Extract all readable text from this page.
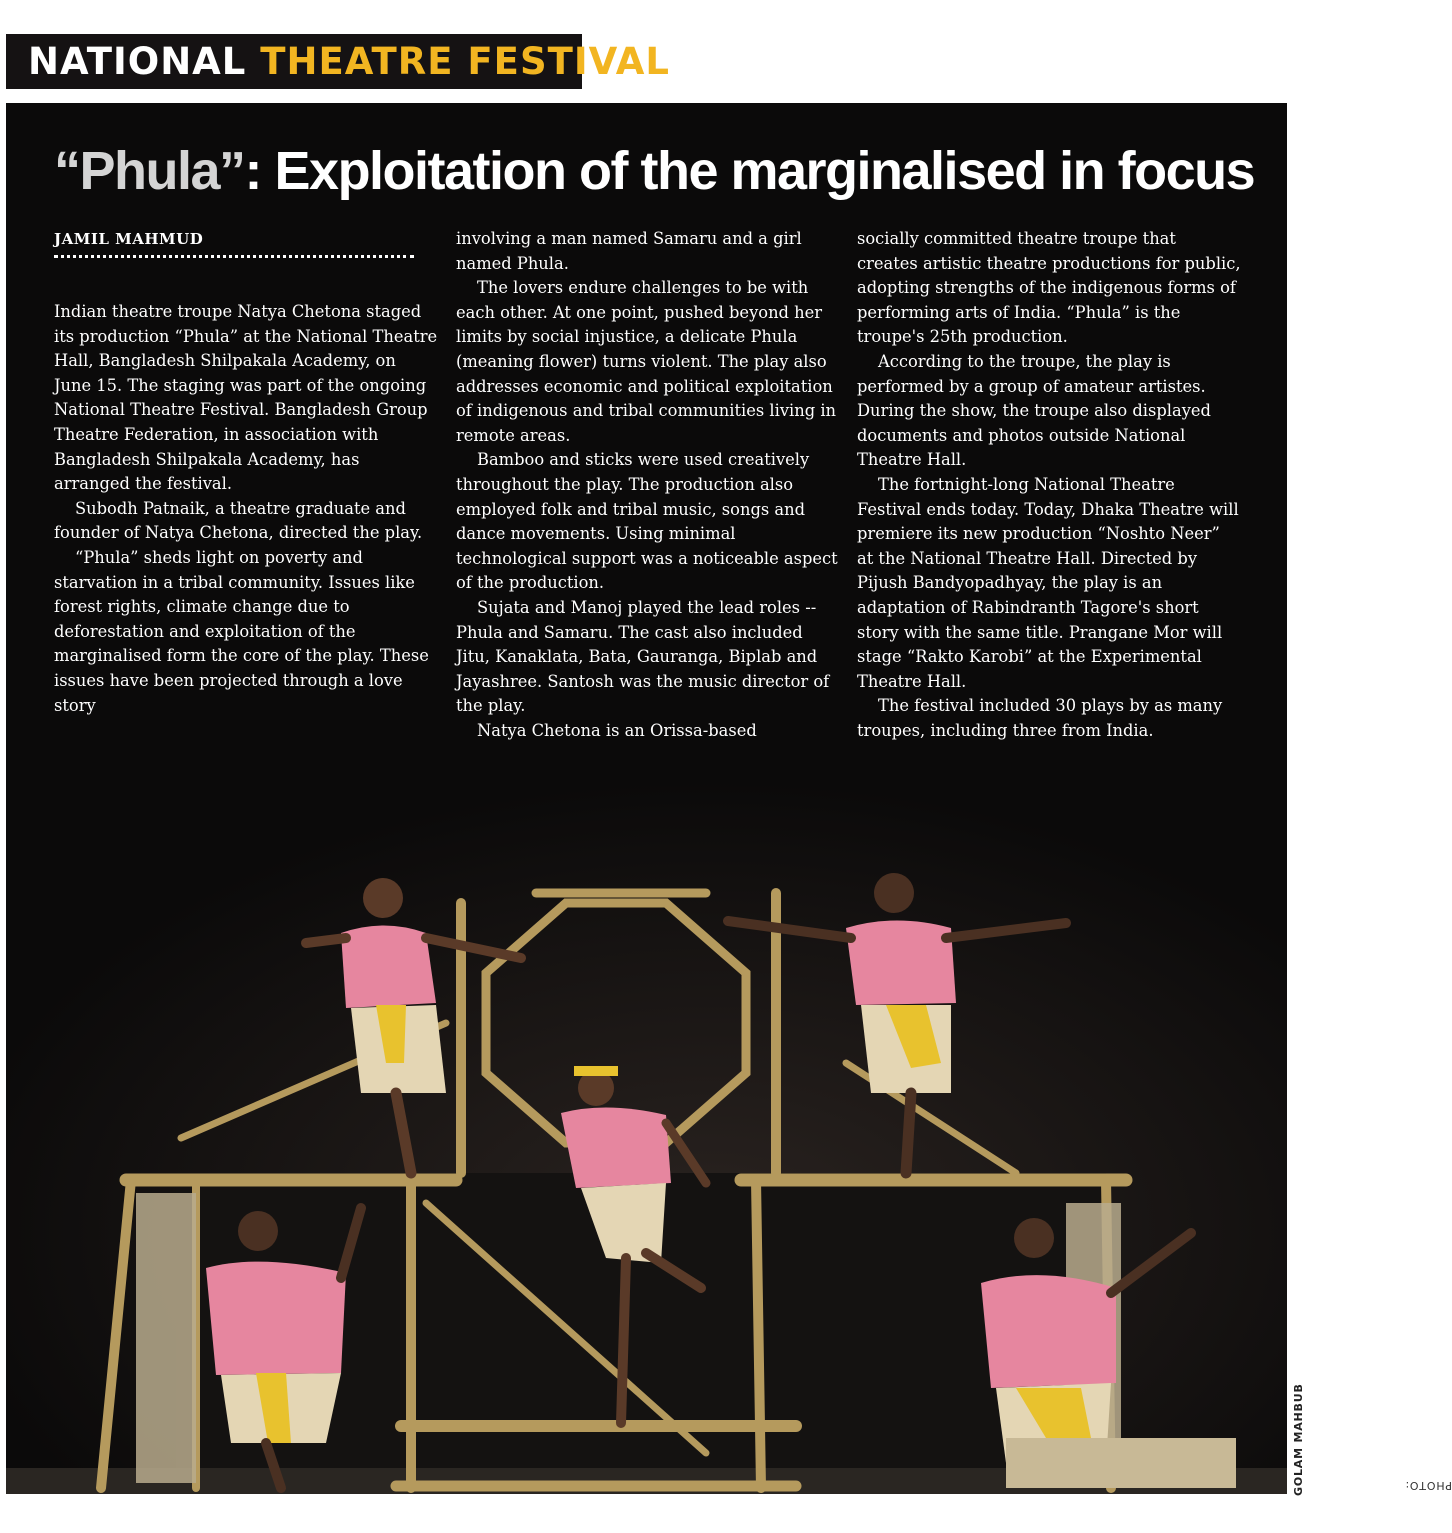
NATIONAL THEATRE FESTIVAL
“Phula”: Exploitation of the marginalised in focus
JAMIL MAHMUD

Indian theatre troupe Natya Chetona staged its production “Phula” at the National Theatre Hall, Bangladesh Shilpakala Academy, on June 15. The staging was part of the ongoing National Theatre Festival. Bangladesh Group Theatre Federation, in association with Bangladesh Shilpakala Academy, has arranged the festival.

Subodh Patnaik, a theatre graduate and founder of Natya Chetona, directed the play.

“Phula” sheds light on poverty and starvation in a tribal community. Issues like forest rights, climate change due to deforestation and exploitation of the marginalised form the core of the play. These issues have been projected through a love story

involving a man named Samaru and a girl named Phula.

The lovers endure challenges to be with each other. At one point, pushed beyond her limits by social injustice, a delicate Phula (meaning flower) turns violent. The play also addresses economic and political exploitation of indigenous and tribal communities living in remote areas.

Bamboo and sticks were used creatively throughout the play. The production also employed folk and tribal music, songs and dance movements. Using minimal technological support was a noticeable aspect of the production.

Sujata and Manoj played the lead roles -- Phula and Samaru. The cast also included Jitu, Kanaklata, Bata, Gauranga, Biplab and Jayashree. Santosh was the music director of the play.

Natya Chetona is an Orissa-based

socially committed theatre troupe that creates artistic theatre productions for public, adopting strengths of the indigenous forms of performing arts of India. “Phula” is the troupe's 25th production.

According to the troupe, the play is performed by a group of amateur artistes. During the show, the troupe also displayed documents and photos outside National Theatre Hall.

The fortnight-long National Theatre Festival ends today. Today, Dhaka Theatre will premiere its new production “Noshto Neer” at the National Theatre Hall. Directed by Pijush Bandyopadhyay, the play is an adaptation of Rabindranth Tagore's short story with the same title. Prangane Mor will stage “Rakto Karobi” at the Experimental Theatre Hall.

The festival included 30 plays by as many troupes, including three from India.

PHOTO:
GOLAM MAHBUB
